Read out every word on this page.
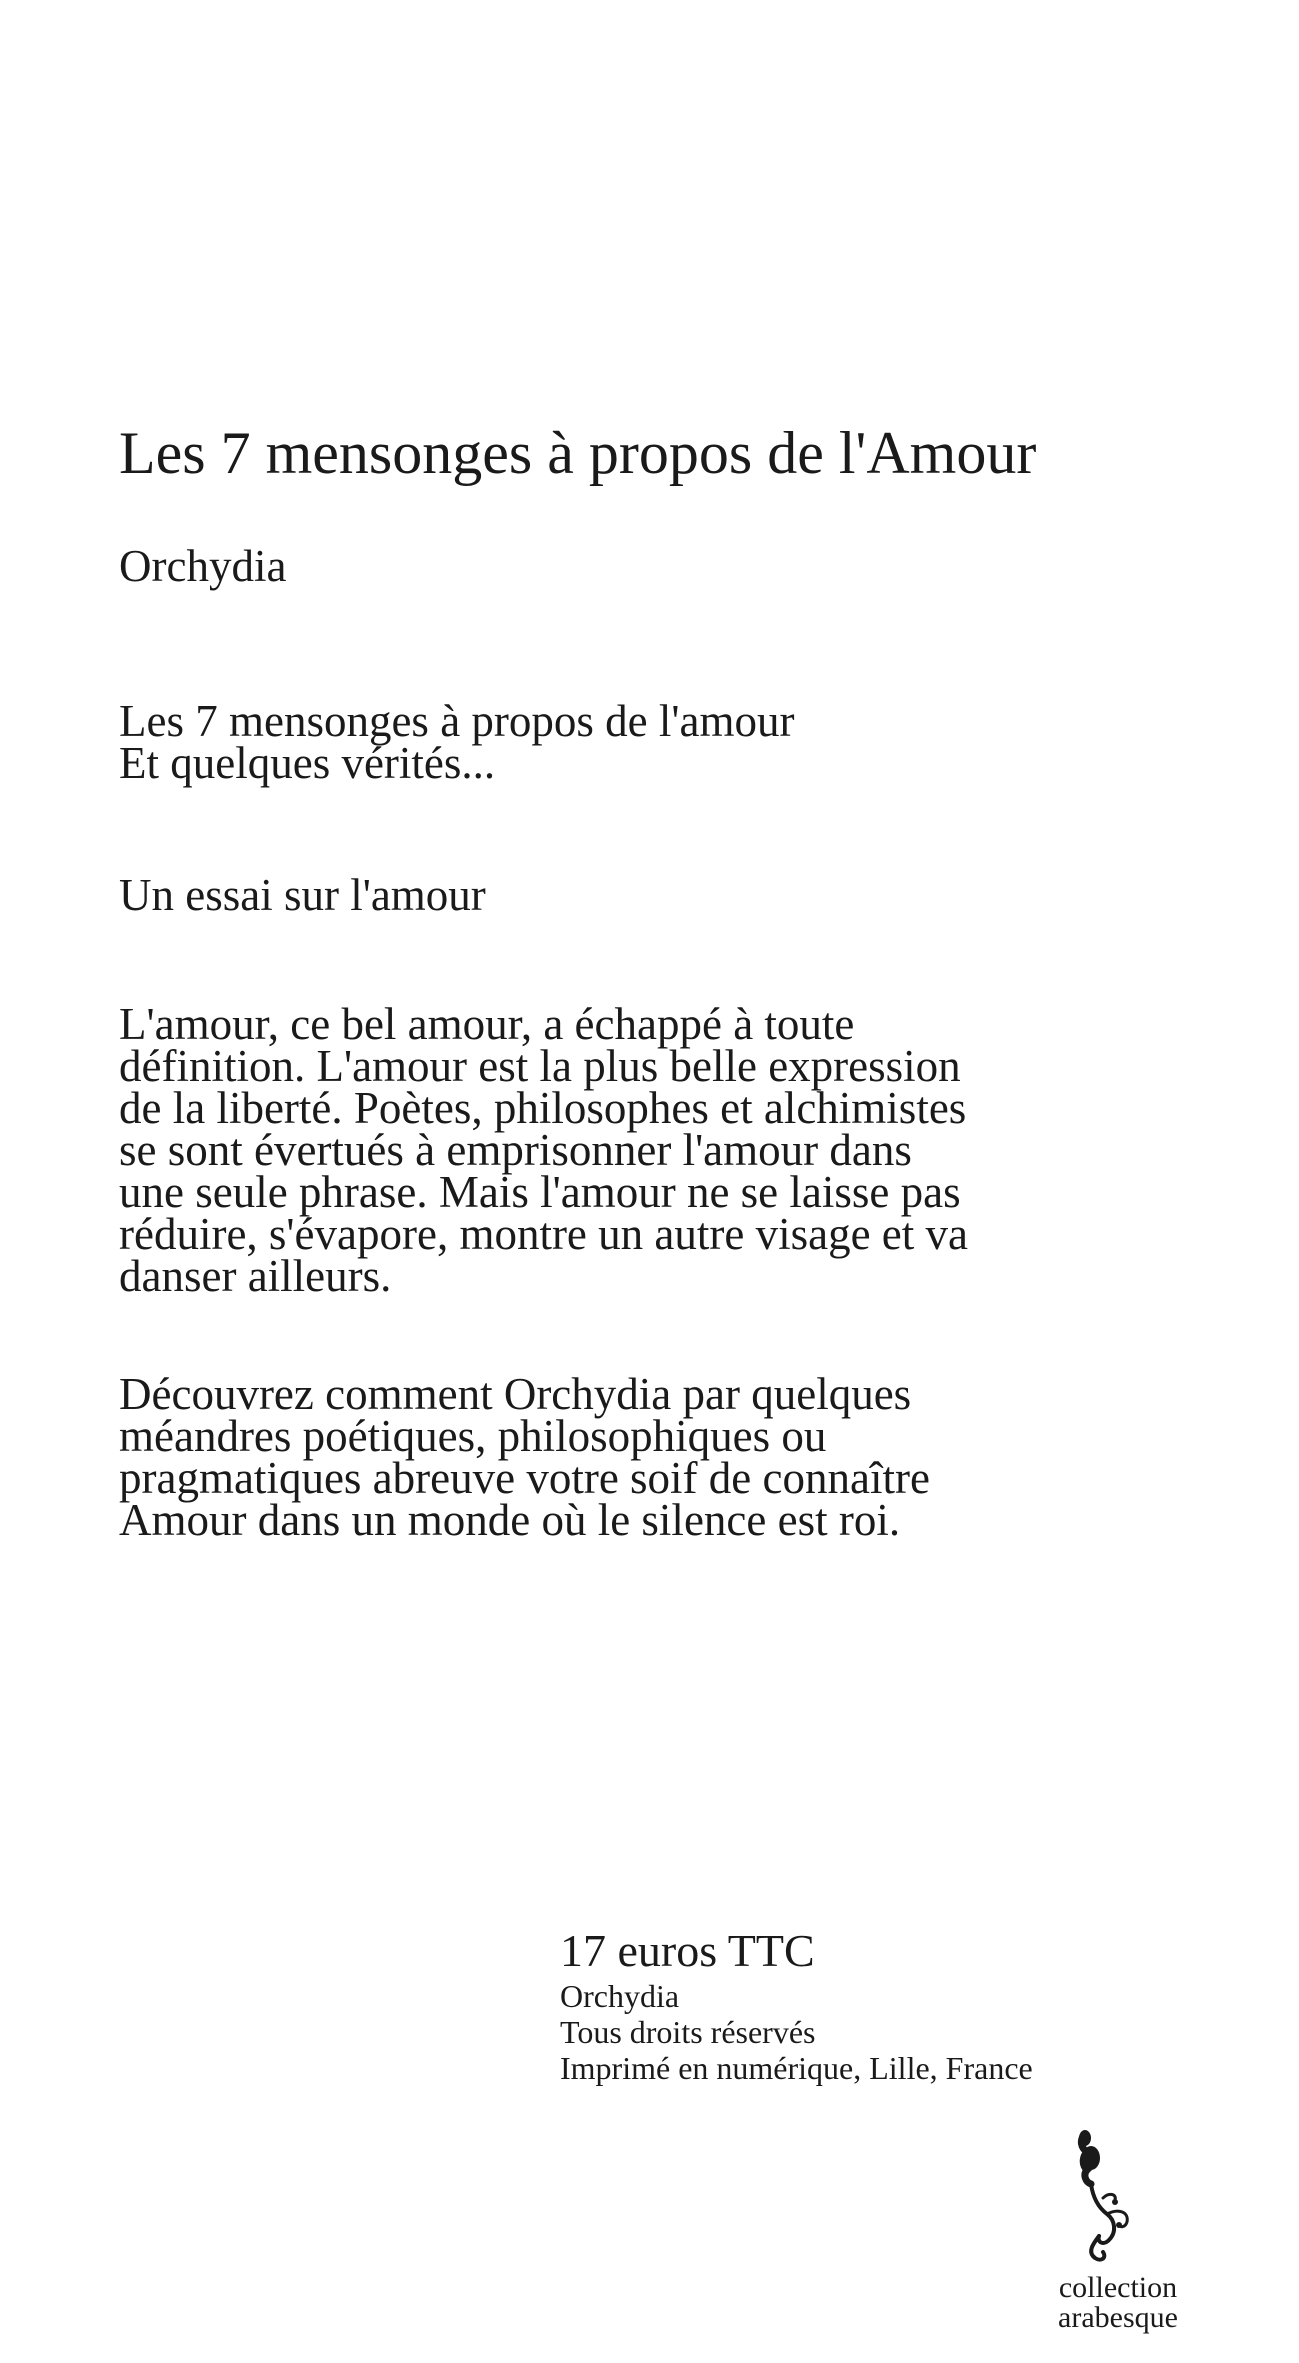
Les 7 mensonges à propos de l'Amour
Orchydia
Les 7 mensonges à propos de l'amour
Et quelques vérités...
Un essai sur l'amour

L'amour, ce bel amour, a échappé à toute définition. L'amour est la plus belle expression de la liberté. Poètes, philosophes et alchimistes se sont évertués à emprisonner l'amour dans une seule phrase. Mais l'amour ne se laisse pas réduire, s'évapore, montre un autre visage et va danser ailleurs.

Découvrez comment Orchydia par quelques méandres poétiques, philosophiques ou pragmatiques abreuve votre soif de connaître Amour dans un monde où le silence est roi.

17 euros TTC
Orchydia
Tous droits réservés
Imprimé en numérique, Lille, France
collection
arabesque
